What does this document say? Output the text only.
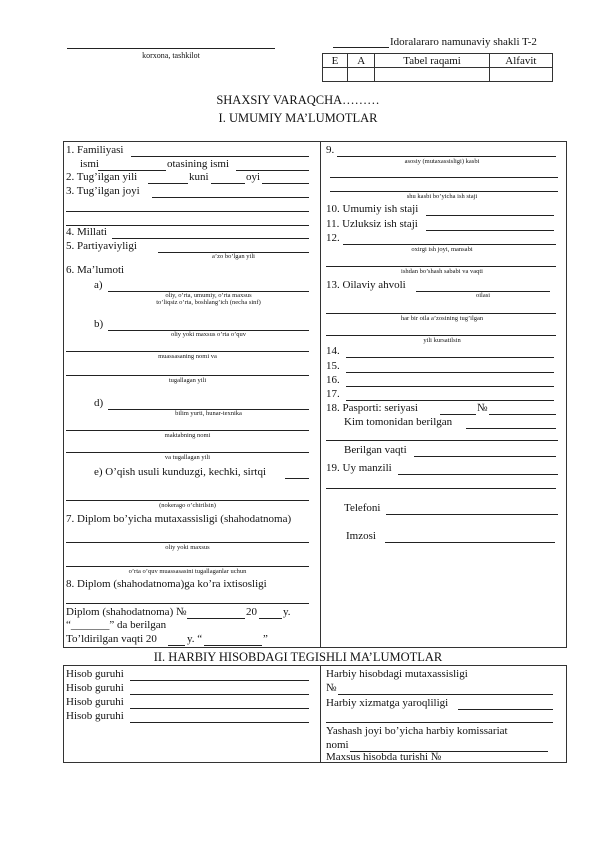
korxona, tashkilot
Idoralararo namunaviy shakli T-2
E	A	Tabel raqami	Alfavit

SHAXSIY VARAQCHA………
I. UMUMIY MA’LUMOTLAR
1. Familiyasi
ismi	otasining ismi
2. Tug’ilgan yili	kuni	oyi
3. Tug’ilgan joyi
4. Millati
5. Partiyaviyligi
a’zo bo’lgan yili
6. Ma’lumoti
a)
oliy, o’rta, umumiy, o’rta maxsus
to’liqsiz o’rta, boshlang’ich (necha sinf)
b)
oliy yoki maxsus o’rta o’quv
muassasaning nomi va
tugallagan yili
d)
bilim yurti, hunar-texnika
maktabning nomi
va tugallagan yili
e) O’qish usuli kunduzgi, kechki, sirtqi
(nokerago o’chirilsin)
7. Diplom bo’yicha mutaxassisligi (shahodatnoma)
oliy yoki maxsus
o’rta o’quv muassasasini tugallaganlar uchun
8. Diplom (shahodatnoma)ga ko’ra ixtisosligi
Diplom (shahodatnoma) №	20 y.
“_______” da berilgan
To’ldirilgan vaqti 20	y. “	”
9.
asosiy (mutaxassisligi) kasbi
shu kasbi bo’yicha ish staji
10. Umumiy ish staji
11. Uzluksiz ish staji
12.
oxirgi ish joyi, mansabi
ishdan bo’shash sababi va vaqti
13. Oilaviy ahvoli
oilasi
har bir oila a’zosining tug’ilgan
yili kursatilsin
14.
15.
16.
17.
18. Pasporti: seriyasi	№
Kim tomonidan berilgan
Berilgan vaqti
19. Uy manzili
Telefoni
Imzosi
II. HARBIY HISOBDAGI TEGISHLI MA’LUMOTLAR
Hisob guruhi
Hisob guruhi
Hisob guruhi
Hisob guruhi
Harbiy hisobdagi mutaxassisligi
№
Harbiy xizmatga yaroqliligi
Yashash joyi bo’yicha harbiy komissariat
nomi
Maxsus hisobda turishi №
